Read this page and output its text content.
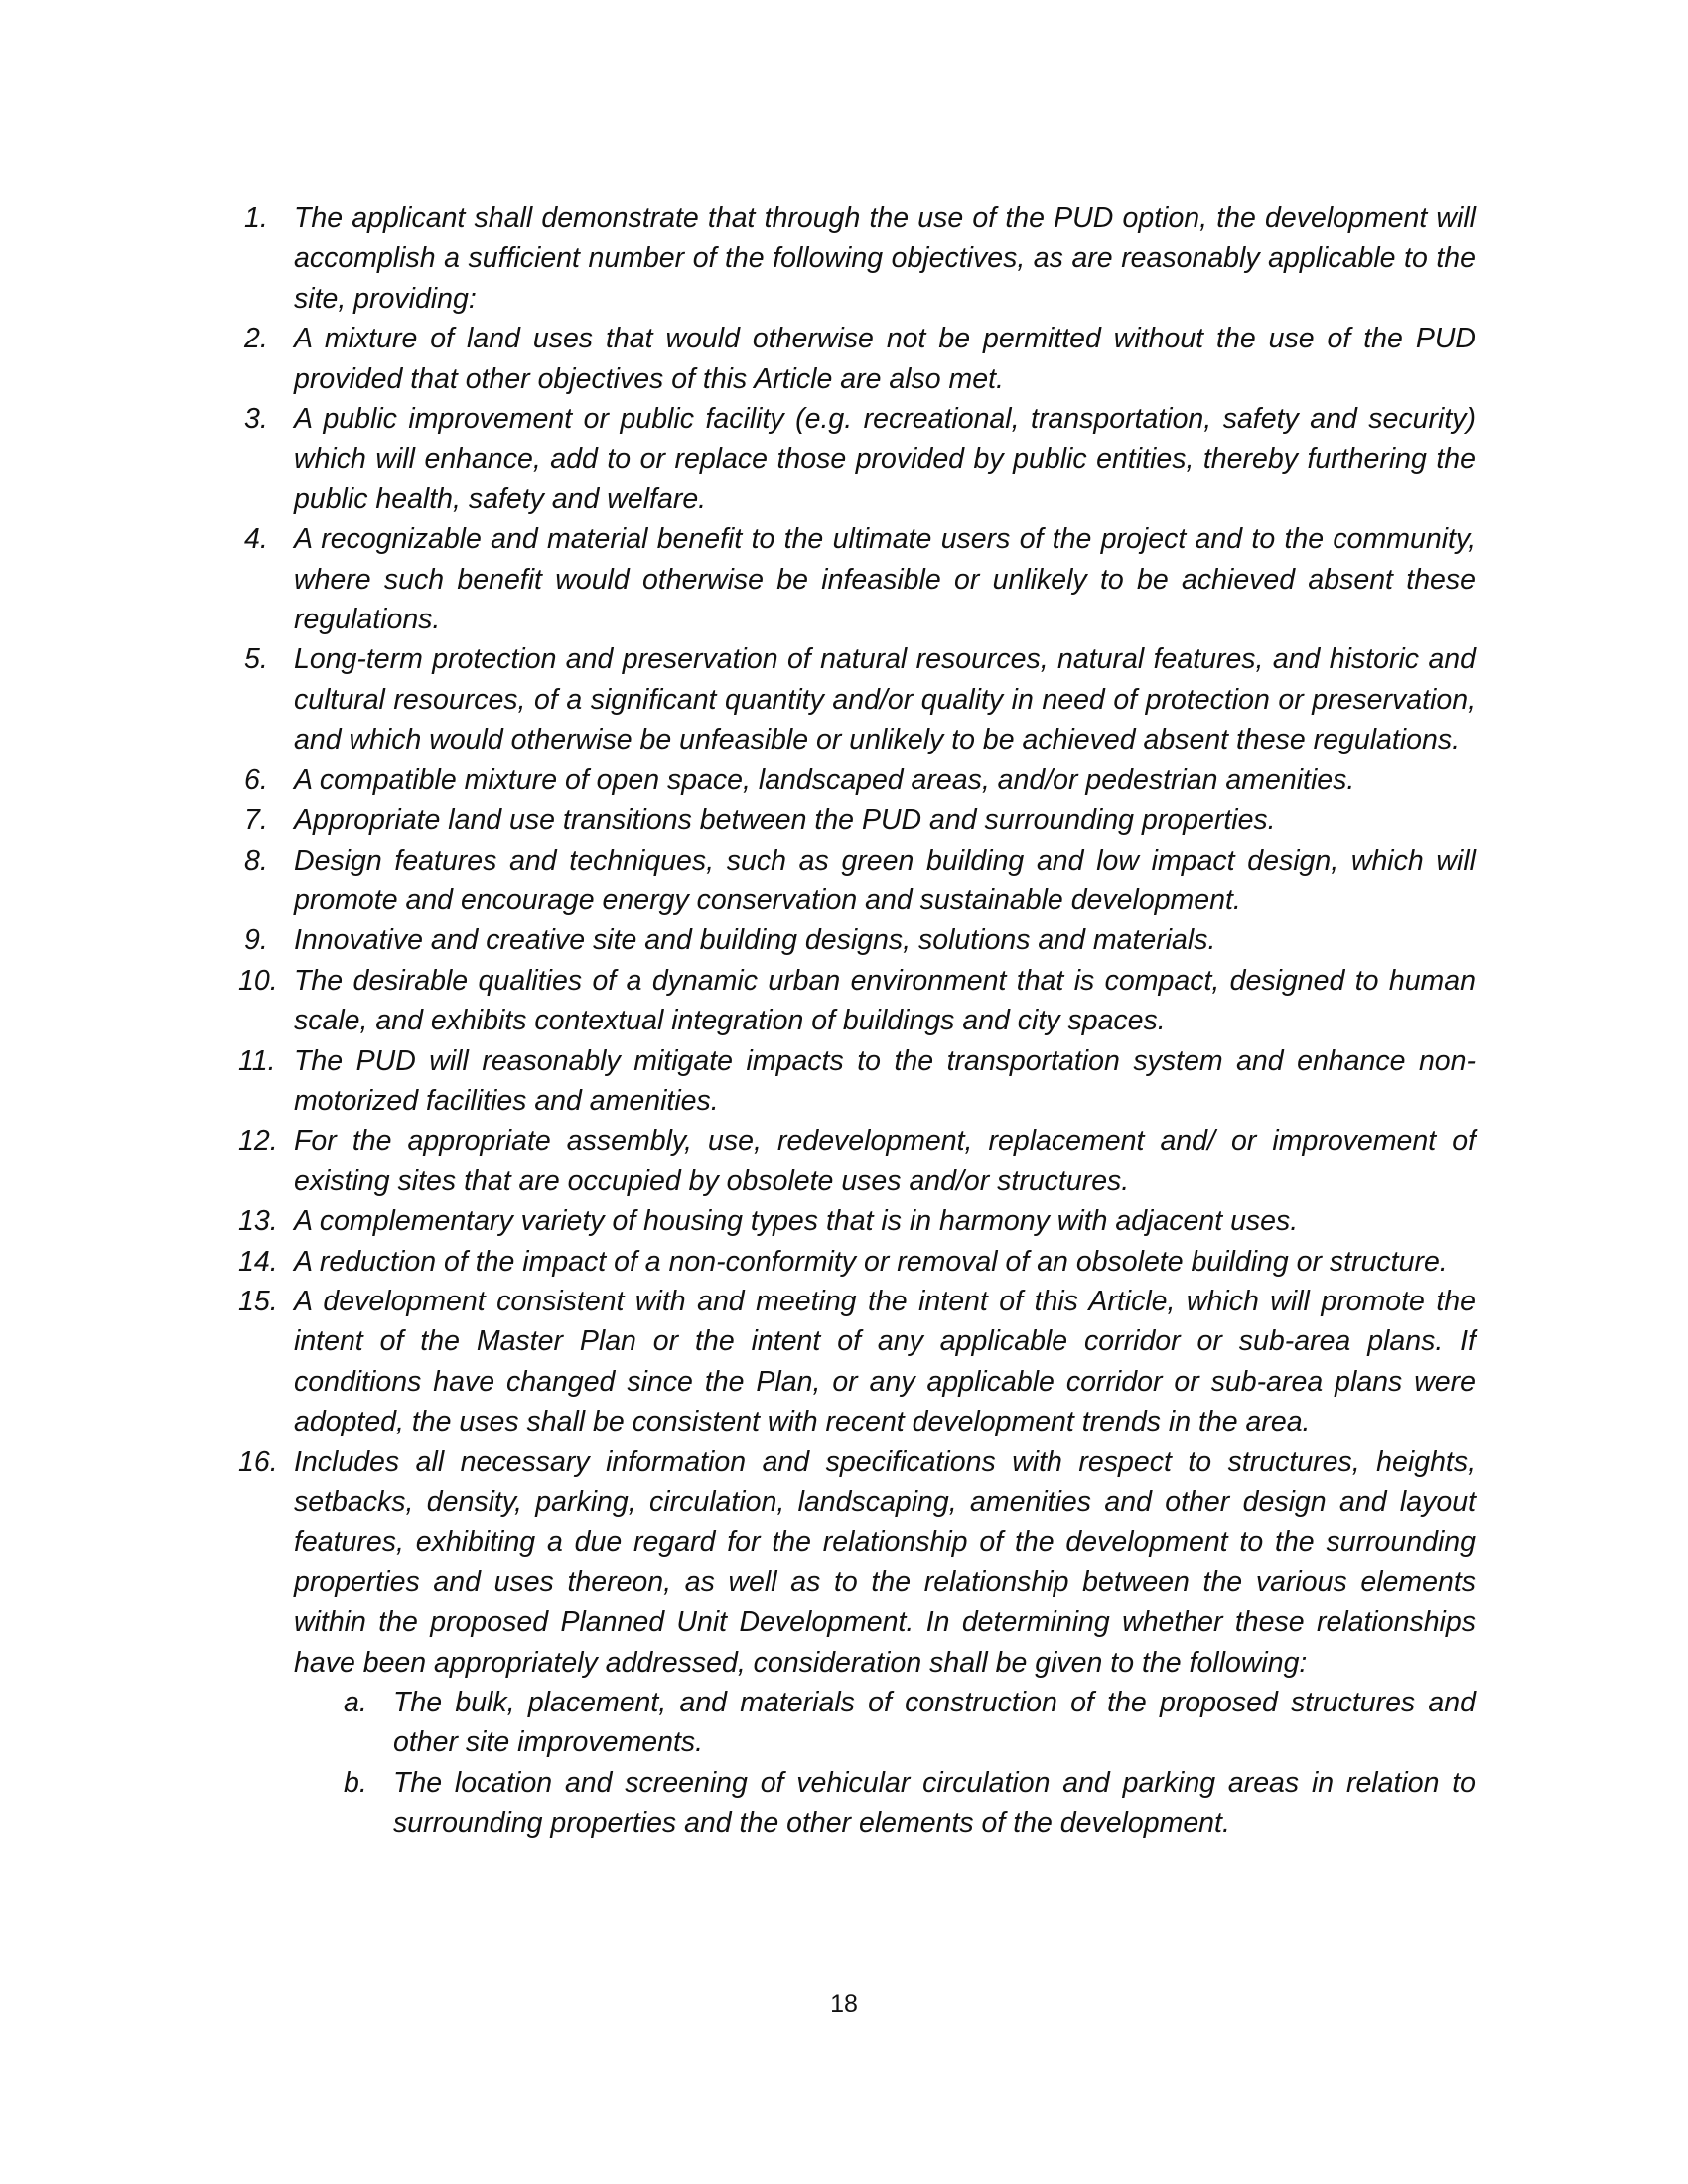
1. The applicant shall demonstrate that through the use of the PUD option, the development will accomplish a sufficient number of the following objectives, as are reasonably applicable to the site, providing:
2. A mixture of land uses that would otherwise not be permitted without the use of the PUD provided that other objectives of this Article are also met.
3. A public improvement or public facility (e.g. recreational, transportation, safety and security) which will enhance, add to or replace those provided by public entities, thereby furthering the public health, safety and welfare.
4. A recognizable and material benefit to the ultimate users of the project and to the community, where such benefit would otherwise be infeasible or unlikely to be achieved absent these regulations.
5. Long-term protection and preservation of natural resources, natural features, and historic and cultural resources, of a significant quantity and/or quality in need of protection or preservation, and which would otherwise be unfeasible or unlikely to be achieved absent these regulations.
6. A compatible mixture of open space, landscaped areas, and/or pedestrian amenities.
7. Appropriate land use transitions between the PUD and surrounding properties.
8. Design features and techniques, such as green building and low impact design, which will promote and encourage energy conservation and sustainable development.
9. Innovative and creative site and building designs, solutions and materials.
10. The desirable qualities of a dynamic urban environment that is compact, designed to human scale, and exhibits contextual integration of buildings and city spaces.
11. The PUD will reasonably mitigate impacts to the transportation system and enhance non-motorized facilities and amenities.
12. For the appropriate assembly, use, redevelopment, replacement and/ or improvement of existing sites that are occupied by obsolete uses and/or structures.
13. A complementary variety of housing types that is in harmony with adjacent uses.
14. A reduction of the impact of a non-conformity or removal of an obsolete building or structure.
15. A development consistent with and meeting the intent of this Article, which will promote the intent of the Master Plan or the intent of any applicable corridor or sub-area plans. If conditions have changed since the Plan, or any applicable corridor or sub-area plans were adopted, the uses shall be consistent with recent development trends in the area.
16. Includes all necessary information and specifications with respect to structures, heights, setbacks, density, parking, circulation, landscaping, amenities and other design and layout features, exhibiting a due regard for the relationship of the development to the surrounding properties and uses thereon, as well as to the relationship between the various elements within the proposed Planned Unit Development. In determining whether these relationships have been appropriately addressed, consideration shall be given to the following:
a. The bulk, placement, and materials of construction of the proposed structures and other site improvements.
b. The location and screening of vehicular circulation and parking areas in relation to surrounding properties and the other elements of the development.
18
